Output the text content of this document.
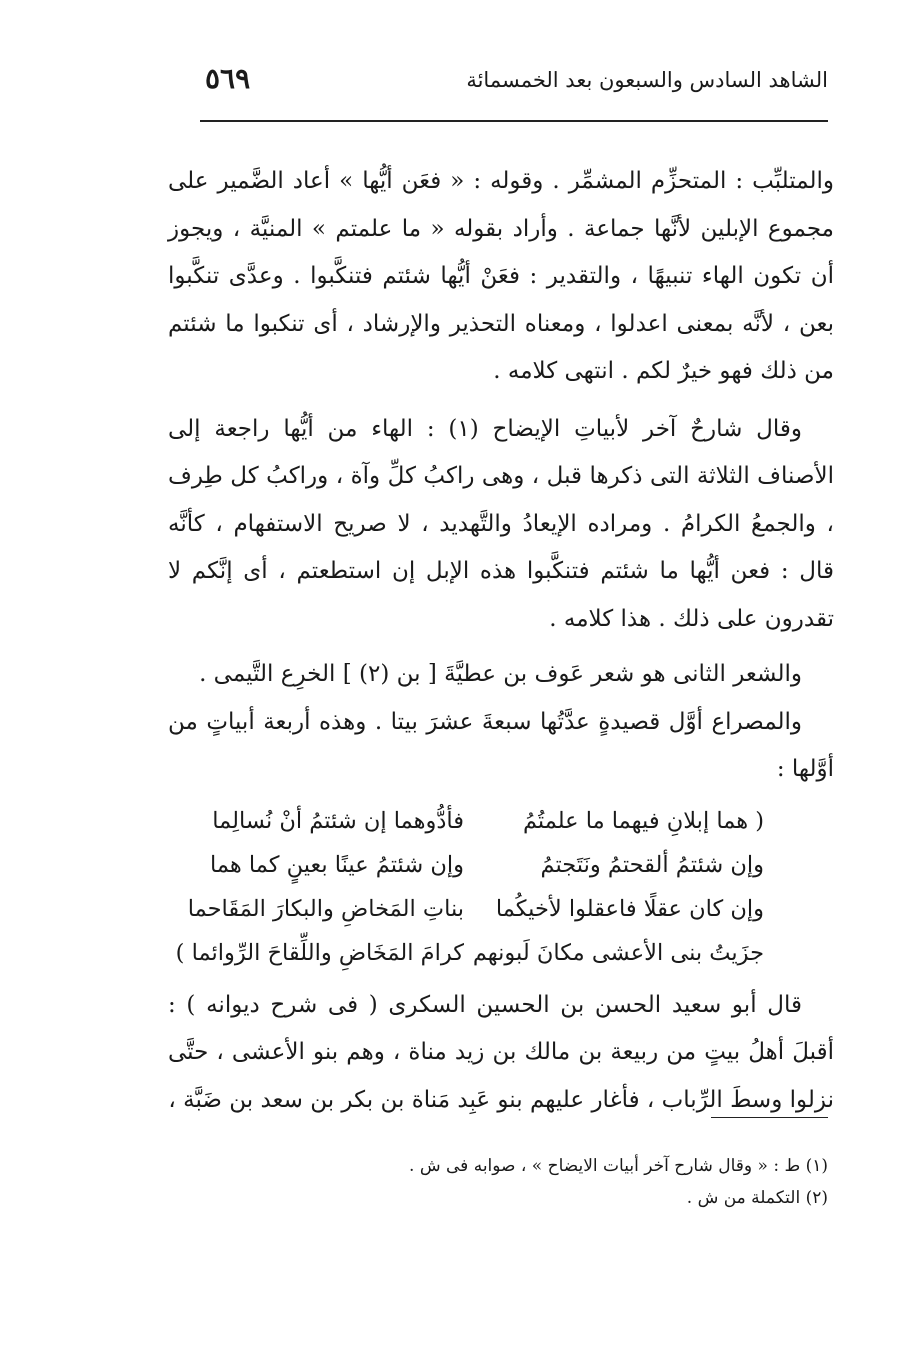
الشاهد السادس والسبعون بعد الخمسمائة
٥٦٩

والمتلبِّب : المتحزِّم المشمِّر . وقوله : « فعَن أيُّها » أعاد الضَّمير على مجموع الإبلين لأنَّها جماعة . وأراد بقوله « ما علمتم » المنيَّة ، ويجوز أن تكون الهاء تنبيهًا ، والتقدير : فعَنْ أيُّها شئتم فتنكَّبوا . وعدَّى تنكَّبوا بعن ، لأنَّه بمعنى اعدلوا ، ومعناه التحذير والإرشاد ، أى تنكبوا ما شئتم من ذلك فهو خيرٌ لكم . انتهى كلامه .

وقال شارحٌ آخر لأبياتِ الإيضاح (١) : الهاء من أيُّها راجعة إلى الأصناف الثلاثة التى ذكرها قبل ، وهى راكبُ كلِّ وآة ، وراكبُ كل طِرف ، والجمعُ الكرامُ . ومراده الإيعادُ والتَّهديد ، لا صريح الاستفهام ، كأنَّه قال : فعن أيُّها ما شئتم فتنكَّبوا هذه الإبل إن استطعتم ، أى إنَّكم لا تقدرون على ذلك . هذا كلامه .

والشعر الثانى هو شعر عَوف بن عطيَّةَ [ بن (٢) ] الخرِع التَّيمى .

والمصراع أوَّل قصيدةٍ عدَّتُها سبعةَ عشرَ بيتا . وهذه أربعة أبياتٍ من أوَّلها :

( هما إبلانِ فيهما ما علمتُمُ
فأدُّوهما إن شئتمُ أنْ نُسالِما
وإن شئتمُ ألقحتمُ ونَتَجتمُ
وإن شئتمُ عينًا بعينٍ كما هما
وإن كان عقلًا فاعقلوا لأخيكُما
بناتِ المَخاضِ والبكارَ المَقَاحما
جزَيتُ بنى الأعشى مكانَ لَبونهم
كرامَ المَخَاضِ واللِّقاحَ الرِّوائما )

قال أبو سعيد الحسن بن الحسين السكرى ( فى شرح ديوانه ) : أقبلَ أهلُ بيتٍ من ربيعة بن مالك بن زيد مناة ، وهم بنو الأعشى ، حتَّى نزلوا وسطَ الرِّباب ، فأغار عليهم بنو عَبِد مَناة بن بكر بن سعد بن ضَبَّة ،

(١) ط : « وقال شارح آخر أبيات الايضاح » ، صوابه فى ش .

(٢) التكملة من ش .
